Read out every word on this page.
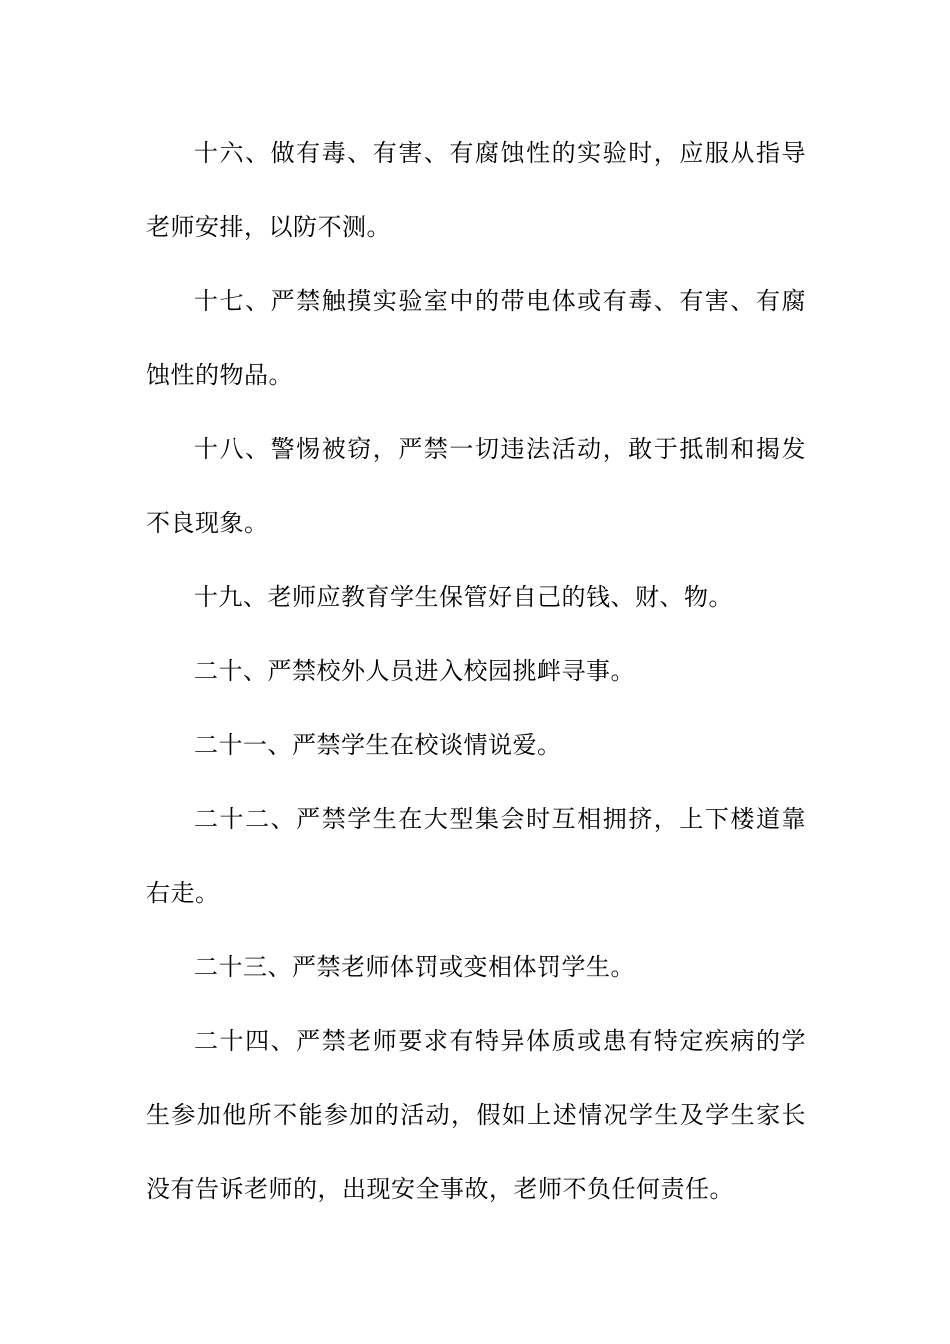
十六、做有毒、有害、有腐蚀性的实验时，应服从指导老师安排，以防不测。

十七、严禁触摸实验室中的带电体或有毒、有害、有腐蚀性的物品。

十八、警惕被窃，严禁一切违法活动，敢于抵制和揭发不良现象。

十九、老师应教育学生保管好自己的钱、财、物。

二十、严禁校外人员进入校园挑衅寻事。

二十一、严禁学生在校谈情说爱。

二十二、严禁学生在大型集会时互相拥挤，上下楼道靠右走。

二十三、严禁老师体罚或变相体罚学生。

二十四、严禁老师要求有特异体质或患有特定疾病的学生参加他所不能参加的活动，假如上述情况学生及学生家长没有告诉老师的，出现安全事故，老师不负任何责任。
